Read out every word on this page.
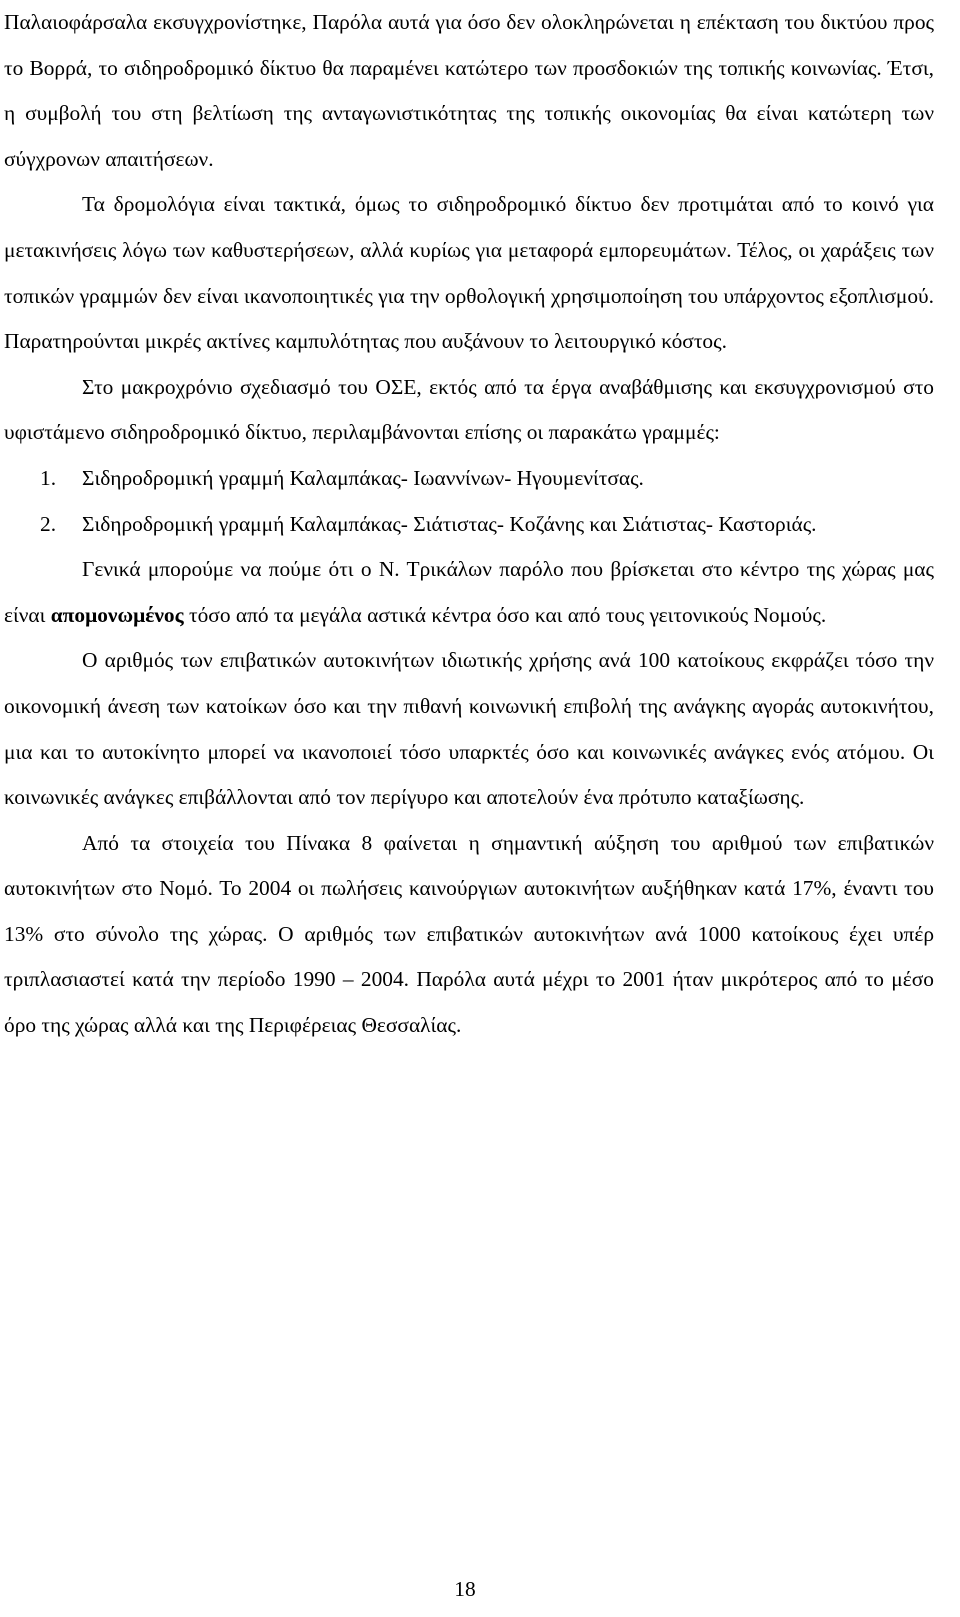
Παλαιοφάρσαλα εκσυγχρονίστηκε, Παρόλα αυτά για όσο δεν ολοκληρώνεται η επέκταση του δικτύου προς το Βορρά, το σιδηροδρομικό δίκτυο θα παραμένει κατώτερο των προσδοκιών της τοπικής κοινωνίας. Έτσι, η συμβολή του στη βελτίωση της ανταγωνιστικότητας της τοπικής οικονομίας θα είναι κατώτερη των σύγχρονων απαιτήσεων.

Τα δρομολόγια είναι τακτικά, όμως το σιδηροδρομικό δίκτυο δεν προτιμάται από το κοινό για μετακινήσεις λόγω των καθυστερήσεων, αλλά κυρίως για μεταφορά εμπορευμάτων. Τέλος, οι χαράξεις των τοπικών γραμμών δεν είναι ικανοποιητικές για την ορθολογική χρησιμοποίηση του υπάρχοντος εξοπλισμού. Παρατηρούνται μικρές ακτίνες καμπυλότητας που αυξάνουν το λειτουργικό κόστος.

Στο μακροχρόνιο σχεδιασμό του ΟΣΕ, εκτός από τα έργα αναβάθμισης και εκσυγχρονισμού στο υφιστάμενο σιδηροδρομικό δίκτυο, περιλαμβάνονται επίσης οι παρακάτω γραμμές:

1. Σιδηροδρομική γραμμή Καλαμπάκας- Ιωαννίνων- Ηγουμενίτσας.
2. Σιδηροδρομική γραμμή Καλαμπάκας- Σιάτιστας- Κοζάνης και Σιάτιστας- Καστοριάς.

Γενικά μπορούμε να πούμε ότι ο Ν. Τρικάλων παρόλο που βρίσκεται στο κέντρο της χώρας μας είναι απομονωμένος τόσο από τα μεγάλα αστικά κέντρα όσο και από τους γειτονικούς Νομούς.

Ο αριθμός των επιβατικών αυτοκινήτων ιδιωτικής χρήσης ανά 100 κατοίκους εκφράζει τόσο την οικονομική άνεση των κατοίκων όσο και την πιθανή κοινωνική επιβολή της ανάγκης αγοράς αυτοκινήτου, μια και το αυτοκίνητο μπορεί να ικανοποιεί τόσο υπαρκτές όσο και κοινωνικές ανάγκες ενός ατόμου. Οι κοινωνικές ανάγκες επιβάλλονται από τον περίγυρο και αποτελούν ένα πρότυπο καταξίωσης.

Από τα στοιχεία του Πίνακα 8 φαίνεται η σημαντική αύξηση του αριθμού των επιβατικών αυτοκινήτων στο Νομό. Το 2004 οι πωλήσεις καινούργιων αυτοκινήτων αυξήθηκαν κατά 17%, έναντι του 13% στο σύνολο της χώρας. Ο αριθμός των επιβατικών αυτοκινήτων ανά 1000 κατοίκους έχει υπέρ τριπλασιαστεί κατά την περίοδο 1990 – 2004. Παρόλα αυτά μέχρι το 2001 ήταν μικρότερος από το μέσο όρο της χώρας αλλά και της Περιφέρειας Θεσσαλίας.

18
